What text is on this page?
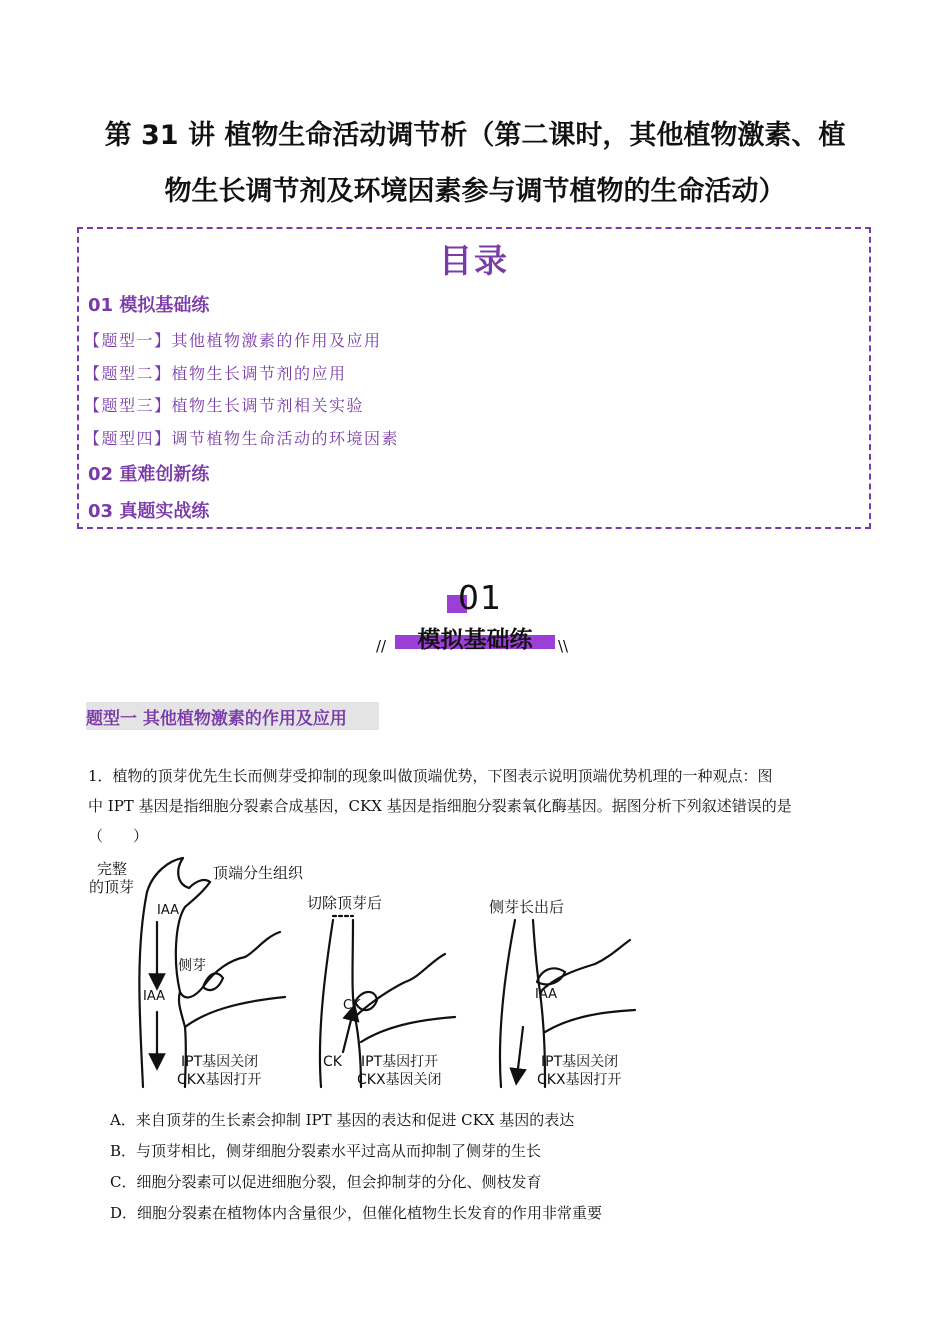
第 31 讲 植物生命活动调节析（第二课时，其他植物激素、植
物生长调节剂及环境因素参与调节植物的生命活动）
目录
01 模拟基础练
【题型一】其他植物激素的作用及应用
【题型二】植物生长调节剂的应用
【题型三】植物生长调节剂相关实验
【题型四】调节植物生命活动的环境因素
02 重难创新练
03 真题实战练
//	\\
01
模拟基础练
题型一 其他植物激素的作用及应用
1．植物的顶芽优先生长而侧芽受抑制的现象叫做顶端优势，下图表示说明顶端优势机理的一种观点：图
中 IPT 基因是指细胞分裂素合成基因，CKX 基因是指细胞分裂素氧化酶基因。据图分析下列叙述错误的是
（　　）
完整
的顶芽
顶端分生组织
IAA
侧芽
IAA
IPT基因关闭
CKX基因打开
切除顶芽后
CK
CK IPT基因打开
CKX基因关闭
侧芽长出后
IAA
IPT基因关闭
CKX基因打开
A．来自顶芽的生长素会抑制 IPT 基因的表达和促进 CKX 基因的表达
B．与顶芽相比，侧芽细胞分裂素水平过高从而抑制了侧芽的生长
C．细胞分裂素可以促进细胞分裂，但会抑制芽的分化、侧枝发育
D．细胞分裂素在植物体内含量很少，但催化植物生长发育的作用非常重要
